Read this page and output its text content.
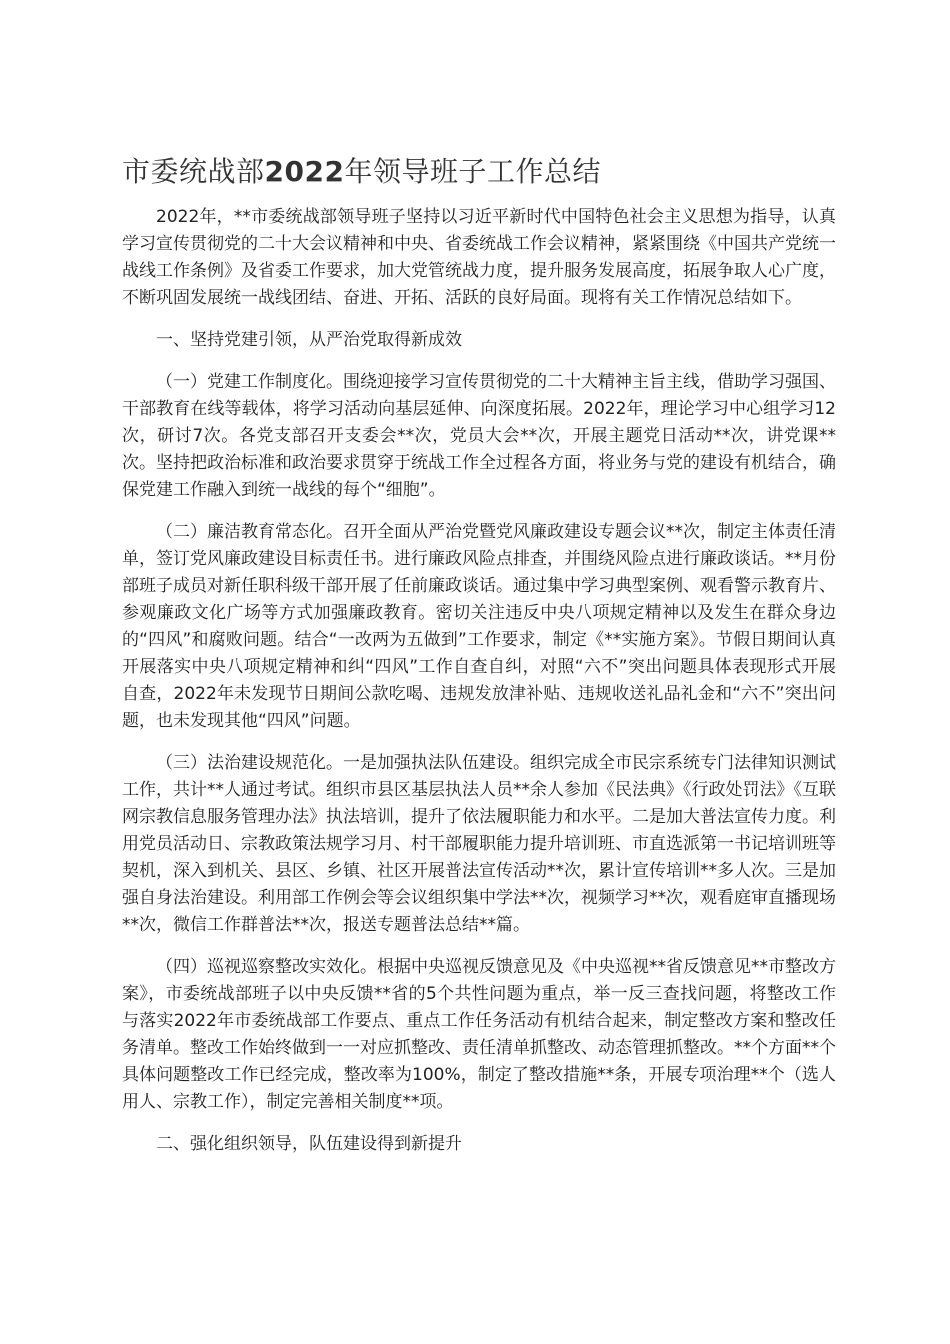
市委统战部2022年领导班子工作总结

2022年，**市委统战部领导班子坚持以习近平新时代中国特色社会主义思想为指导，认真学习宣传贯彻党的二十大会议精神和中央、省委统战工作会议精神，紧紧围绕《中国共产党统一战线工作条例》及省委工作要求，加大党管统战力度，提升服务发展高度，拓展争取人心广度，不断巩固发展统一战线团结、奋进、开拓、活跃的良好局面。现将有关工作情况总结如下。

一、坚持党建引领，从严治党取得新成效

（一）党建工作制度化。围绕迎接学习宣传贯彻党的二十大精神主旨主线，借助学习强国、干部教育在线等载体，将学习活动向基层延伸、向深度拓展。2022年，理论学习中心组学习12次，研讨7次。各党支部召开支委会**次，党员大会**次，开展主题党日活动**次，讲党课**次。坚持把政治标准和政治要求贯穿于统战工作全过程各方面，将业务与党的建设有机结合，确保党建工作融入到统一战线的每个“细胞”。

（二）廉洁教育常态化。召开全面从严治党暨党风廉政建设专题会议**次，制定主体责任清单，签订党风廉政建设目标责任书。进行廉政风险点排查，并围绕风险点进行廉政谈话。**月份部班子成员对新任职科级干部开展了任前廉政谈话。通过集中学习典型案例、观看警示教育片、参观廉政文化广场等方式加强廉政教育。密切关注违反中央八项规定精神以及发生在群众身边的“四风”和腐败问题。结合“一改两为五做到”工作要求，制定《**实施方案》。节假日期间认真开展落实中央八项规定精神和纠“四风”工作自查自纠，对照“六不”突出问题具体表现形式开展自查，2022年未发现节日期间公款吃喝、违规发放津补贴、违规收送礼品礼金和“六不”突出问题，也未发现其他“四风”问题。

（三）法治建设规范化。一是加强执法队伍建设。组织完成全市民宗系统专门法律知识测试工作，共计**人通过考试。组织市县区基层执法人员**余人参加《民法典》《行政处罚法》《互联网宗教信息服务管理办法》执法培训，提升了依法履职能力和水平。二是加大普法宣传力度。利用党员活动日、宗教政策法规学习月、村干部履职能力提升培训班、市直选派第一书记培训班等契机，深入到机关、县区、乡镇、社区开展普法宣传活动**次，累计宣传培训**多人次。三是加强自身法治建设。利用部工作例会等会议组织集中学法**次，视频学习**次，观看庭审直播现场**次，微信工作群普法**次，报送专题普法总结**篇。

（四）巡视巡察整改实效化。根据中央巡视反馈意见及《中央巡视**省反馈意见**市整改方案》，市委统战部班子以中央反馈**省的5个共性问题为重点，举一反三查找问题，将整改工作与落实2022年市委统战部工作要点、重点工作任务活动有机结合起来，制定整改方案和整改任务清单。整改工作始终做到一一对应抓整改、责任清单抓整改、动态管理抓整改。**个方面**个具体问题整改工作已经完成，整改率为100%，制定了整改措施**条，开展专项治理**个（选人用人、宗教工作），制定完善相关制度**项。

二、强化组织领导，队伍建设得到新提升
